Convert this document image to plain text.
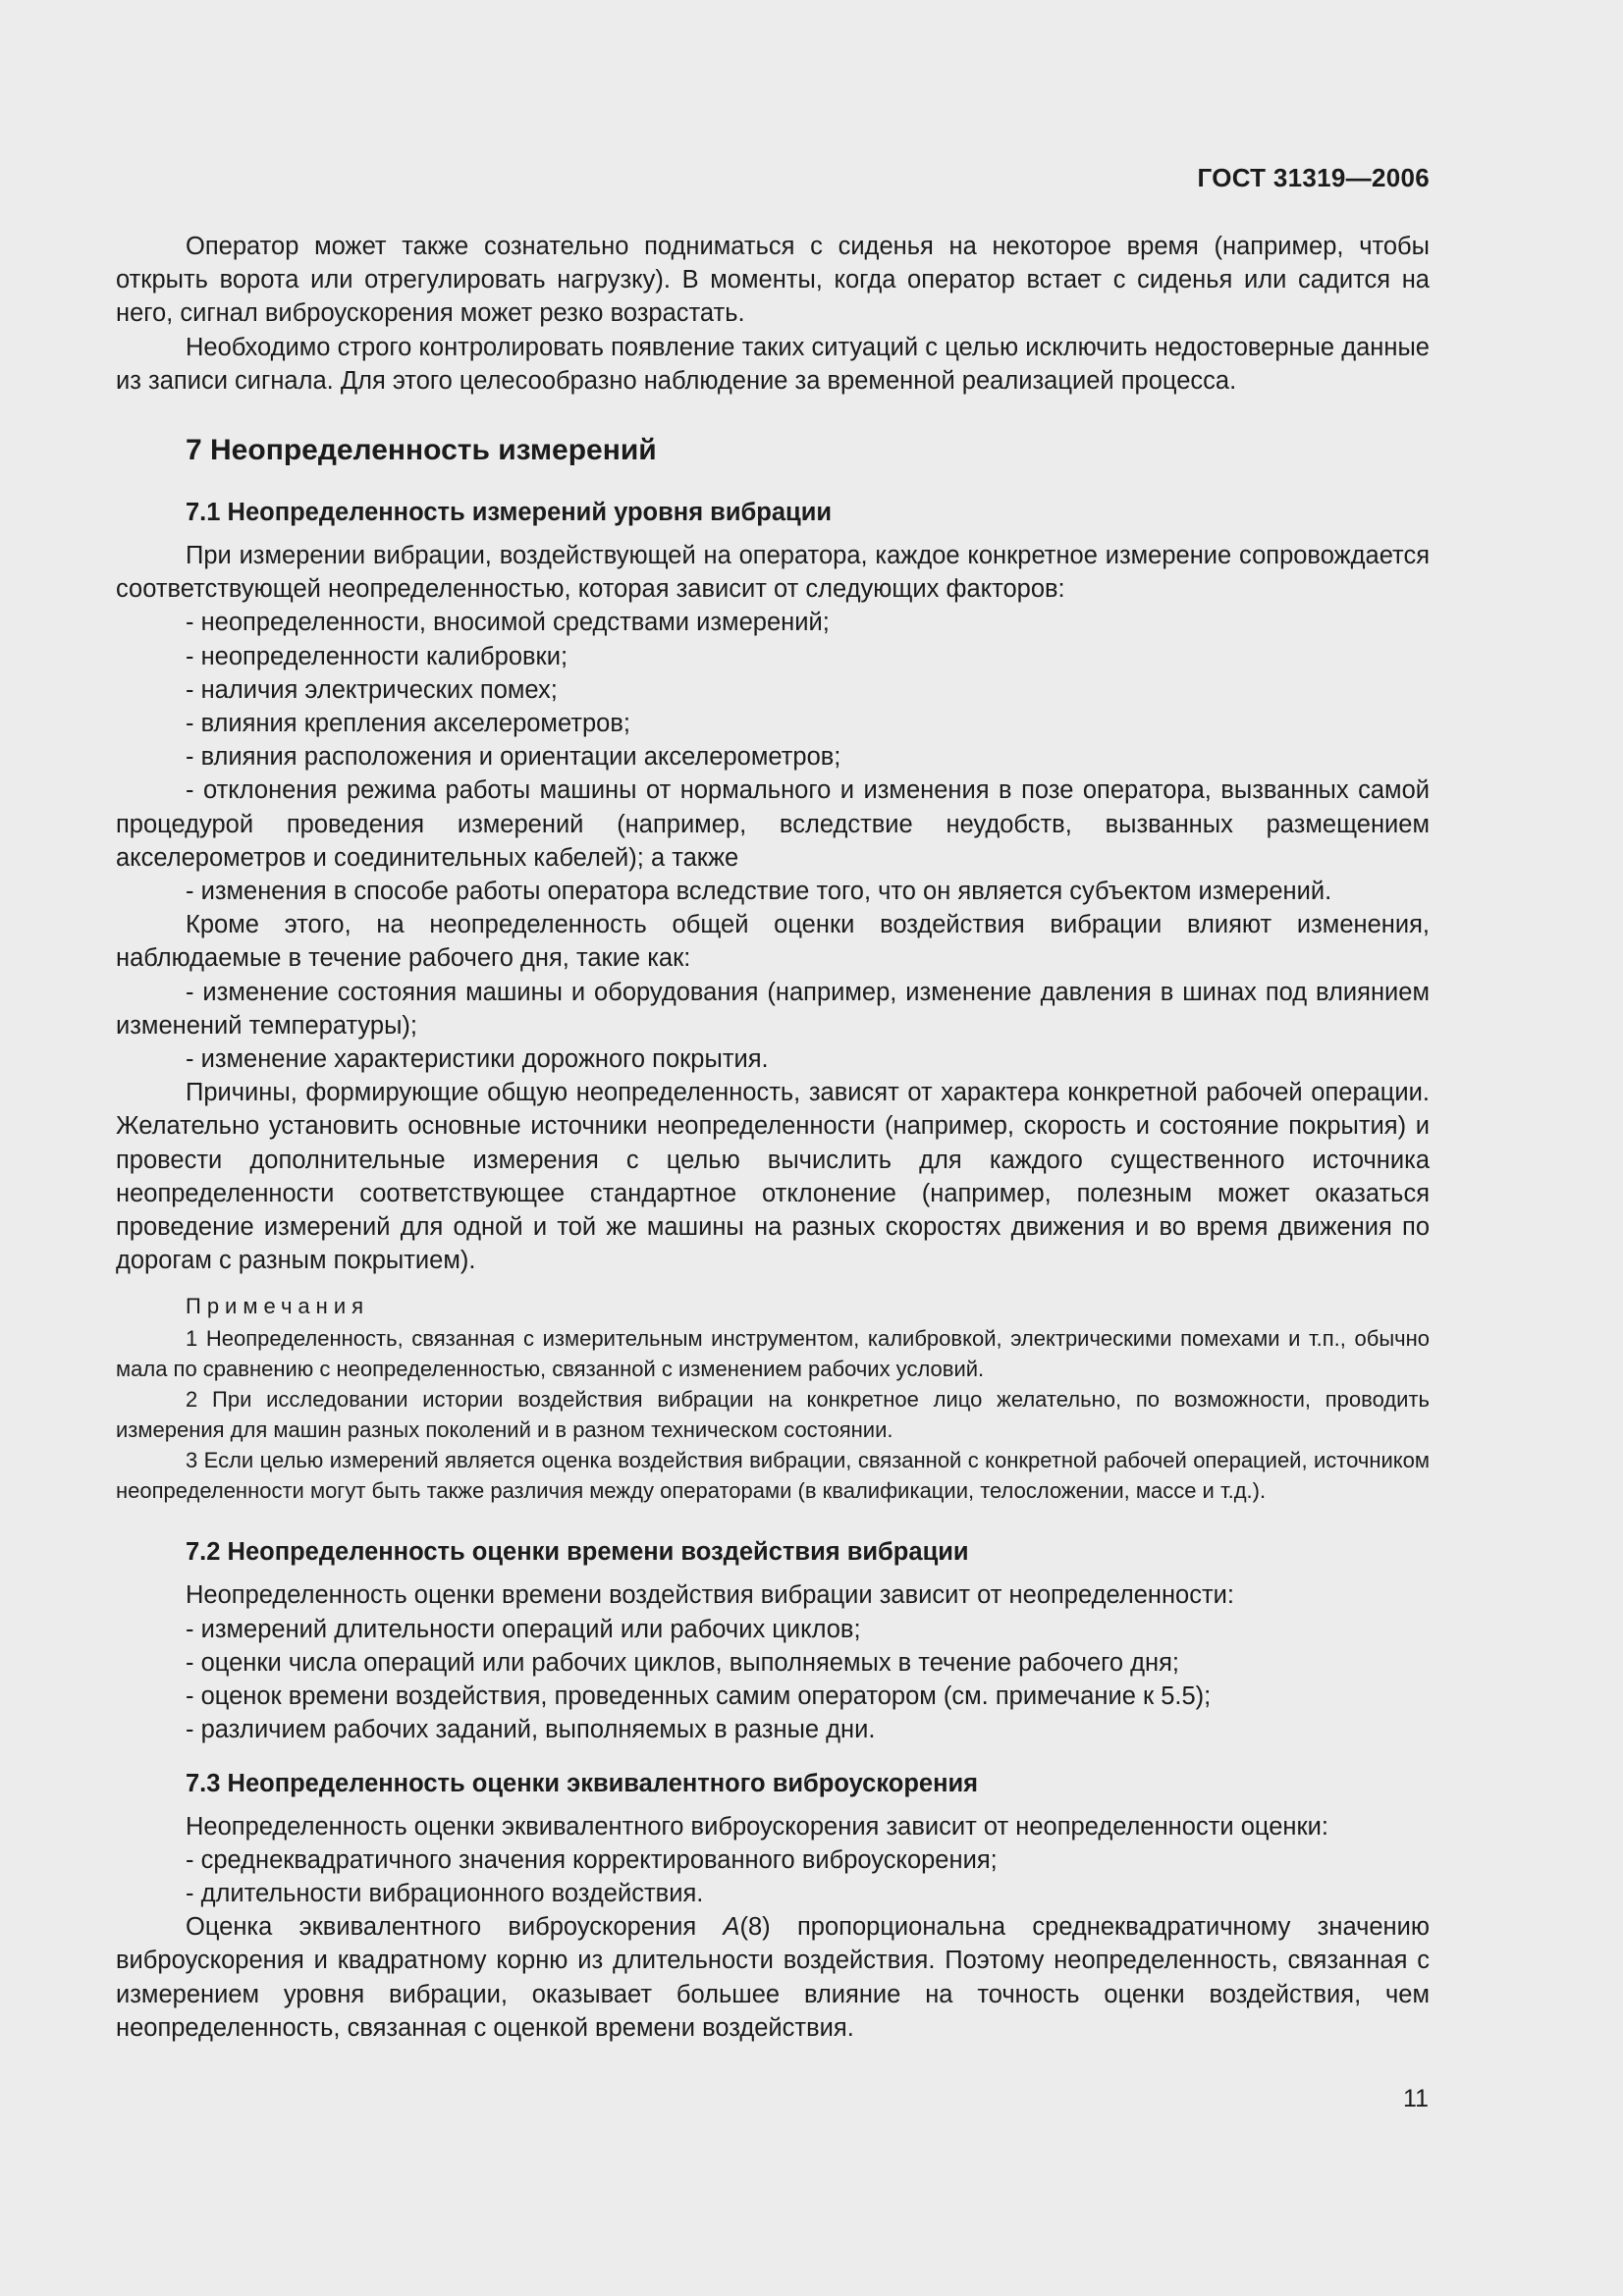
ГОСТ 31319—2006

Оператор может также сознательно подниматься с сиденья на некоторое время (например, чтобы открыть ворота или отрегулировать нагрузку). В моменты, когда оператор встает с сиденья или садится на него, сигнал виброускорения может резко возрастать.

Необходимо строго контролировать появление таких ситуаций с целью исключить недостоверные данные из записи сигнала. Для этого целесообразно наблюдение за временной реализацией процесса.

7 Неопределенность измерений
7.1 Неопределенность измерений уровня вибрации

При измерении вибрации, воздействующей на оператора, каждое конкретное измерение сопровождается соответствующей неопределенностью, которая зависит от следующих факторов:

- неопределенности, вносимой средствами измерений;

- неопределенности калибровки;

- наличия электрических помех;

- влияния крепления акселерометров;

- влияния расположения и ориентации акселерометров;

- отклонения режима работы машины от нормального и изменения в позе оператора, вызванных самой процедурой проведения измерений (например, вследствие неудобств, вызванных размещением акселерометров и соединительных кабелей); а также

- изменения в способе работы оператора вследствие того, что он является субъектом измерений.

Кроме этого, на неопределенность общей оценки воздействия вибрации влияют изменения, наблюдаемые в течение рабочего дня, такие как:

- изменение состояния машины и оборудования (например, изменение давления в шинах под влиянием изменений температуры);

- изменение характеристики дорожного покрытия.

Причины, формирующие общую неопределенность, зависят от характера конкретной рабочей операции. Желательно установить основные источники неопределенности (например, скорость и состояние покрытия) и провести дополнительные измерения с целью вычислить для каждого существенного источника неопределенности соответствующее стандартное отклонение (например, полезным может оказаться проведение измерений для одной и той же машины на разных скоростях движения и во время движения по дорогам с разным покрытием).

Примечания

1 Неопределенность, связанная с измерительным инструментом, калибровкой, электрическими помехами и т.п., обычно мала по сравнению с неопределенностью, связанной с изменением рабочих условий.

2 При исследовании истории воздействия вибрации на конкретное лицо желательно, по возможности, проводить измерения для машин разных поколений и в разном техническом состоянии.

3 Если целью измерений является оценка воздействия вибрации, связанной с конкретной рабочей операцией, источником неопределенности могут быть также различия между операторами (в квалификации, телосложении, массе и т.д.).

7.2 Неопределенность оценки времени воздействия вибрации

Неопределенность оценки времени воздействия вибрации зависит от неопределенности:

- измерений длительности операций или рабочих циклов;

- оценки числа операций или рабочих циклов, выполняемых в течение рабочего дня;

- оценок времени воздействия, проведенных самим оператором (см. примечание к 5.5);

- различием рабочих заданий, выполняемых в разные дни.

7.3 Неопределенность оценки эквивалентного виброускорения

Неопределенность оценки эквивалентного виброускорения зависит от неопределенности оценки:

- среднеквадратичного значения корректированного виброускорения;

- длительности вибрационного воздействия.

Оценка эквивалентного виброускорения A(8) пропорциональна среднеквадратичному значению виброускорения и квадратному корню из длительности воздействия. Поэтому неопределенность, связанная с измерением уровня вибрации, оказывает большее влияние на точность оценки воздействия, чем неопределенность, связанная с оценкой времени воздействия.

11
